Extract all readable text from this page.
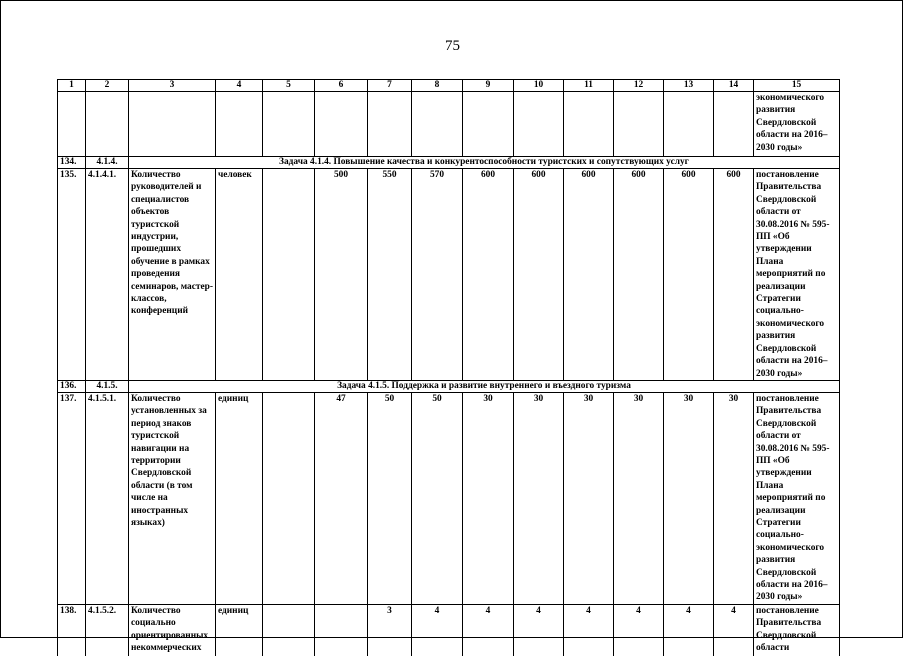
75
1	2	3	4	5	6	7	8	9	10	11	12	13	14	15
														экономического развития Свердловской области на 2016–2030 годы»
134.	4.1.4.	Задача 4.1.4. Повышение качества и конкурентоспособности туристских и сопутствующих услуг												
135.	4.1.4.1.	Количество руководителей и специалистов объектов туристской индустрии, прошедших обучение в рамках проведения семинаров, мастер-классов, конференций	человек		500	550	570	600	600	600	600	600	600	постановление Правительства Свердловской области от 30.08.2016 № 595-ПП «Об утверждении Плана мероприятий по реализации Стратегии социально-экономического развития Свердловской области на 2016–2030 годы»
136.	4.1.5.	Задача 4.1.5. Поддержка и развитие внутреннего и въездного туризма												
137.	4.1.5.1.	Количество установленных за период знаков туристской навигации на территории Свердловской области (в том числе на иностранных языках)	единиц		47	50	50	30	30	30	30	30	30	постановление Правительства Свердловской области от 30.08.2016 № 595-ПП «Об утверждении Плана мероприятий по реализации Стратегии социально-экономического развития Свердловской области на 2016–2030 годы»
138.	4.1.5.2.	Количество социально ориентированных некоммерческих	единиц			3	4	4	4	4	4	4	4	постановление Правительства Свердловской области
